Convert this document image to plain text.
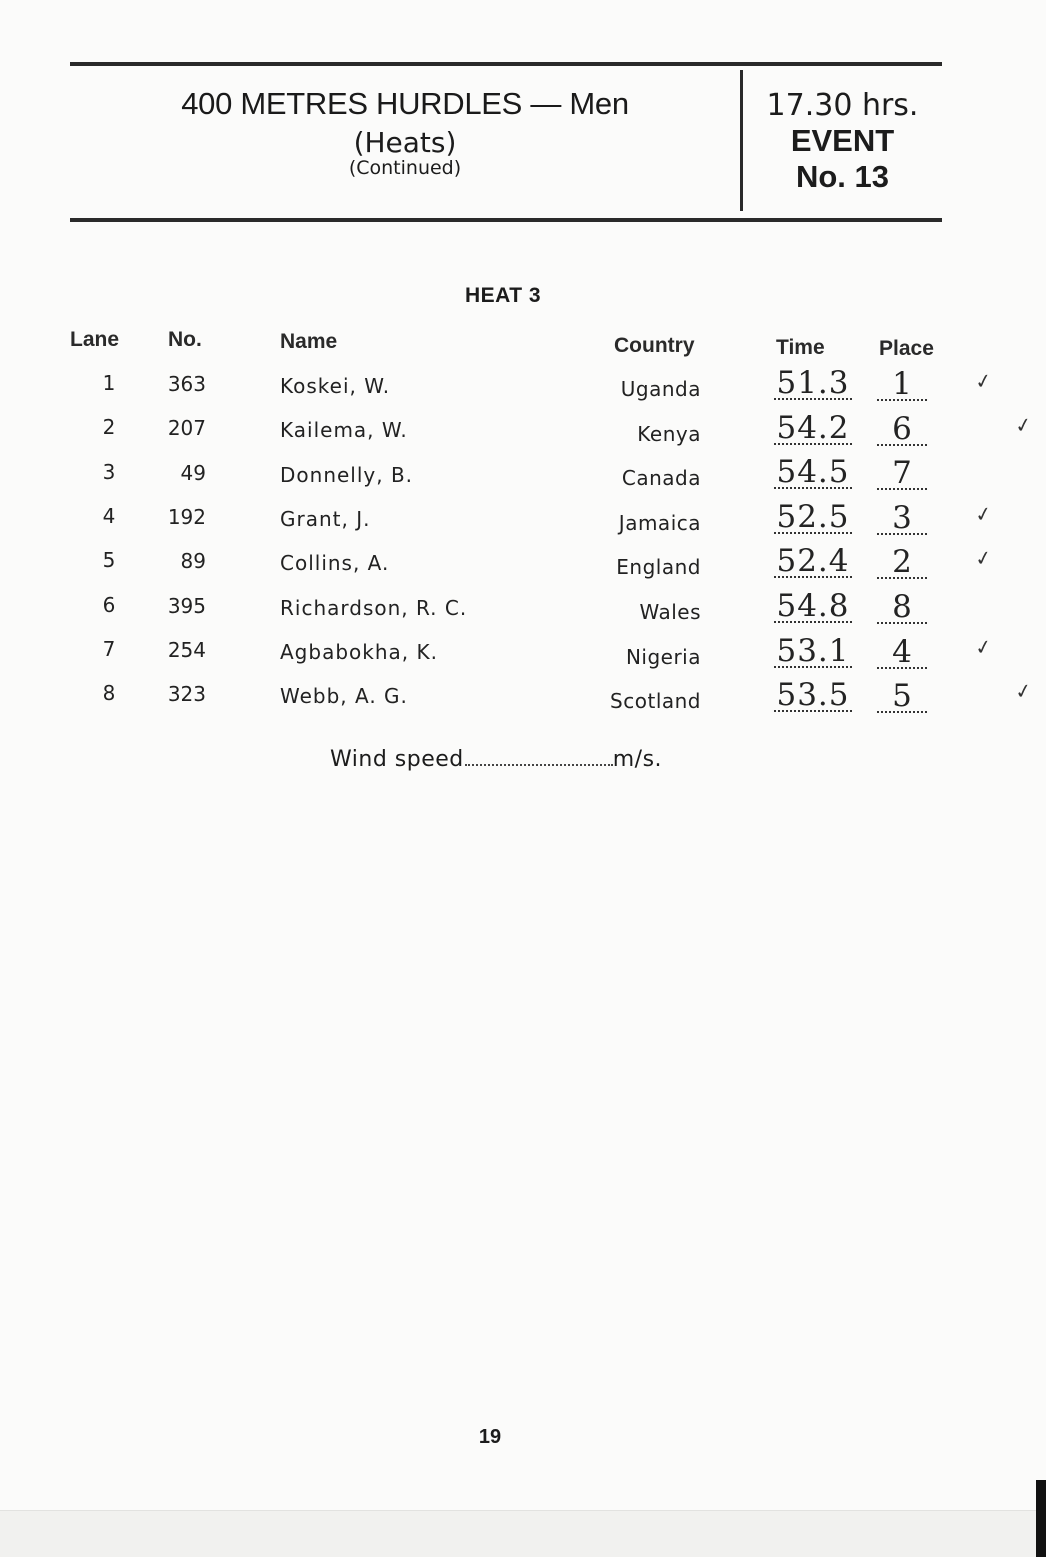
400 METRES HURDLES — Men
(Heats)
(Continued)
17.30 hrs.
EVENT
No. 13
HEAT 3
Lane No.	Name	Country	Time	Place
1	363	Koskei, W.	Uganda 51.3	1	✓
2	207	Kailema, W.	Kenya 54.2	6	✓
3	49	Donnelly, B.	Canada 54.5	7
4	192	Grant, J.	Jamaica 52.5	3	✓
5	89	Collins, A.	England 52.4	2	✓
6	395	Richardson, R. C.	Wales 54.8	8
7	254	Agbabokha, K.	Nigeria 53.1	4	✓
8	323	Webb, A. G.	Scotland 53.5	5	✓
Wind speed	m/s.
19
